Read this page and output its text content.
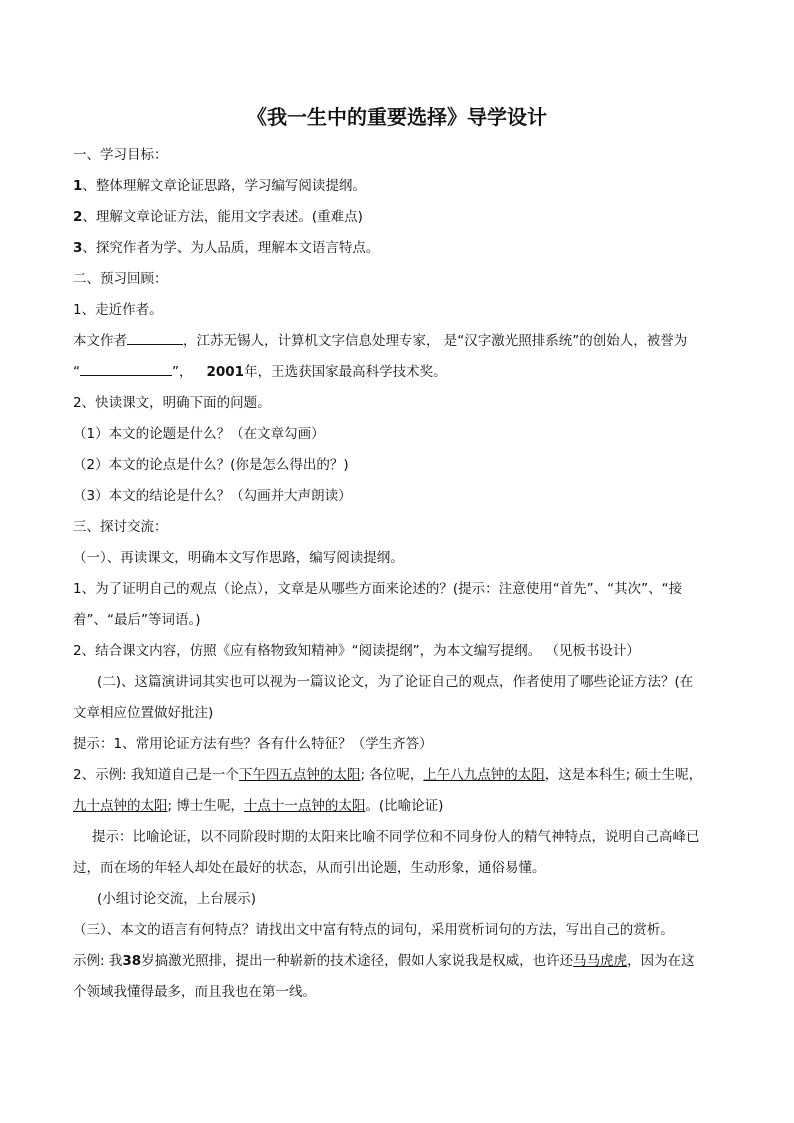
《我一生中的重要选择》导学设计
一、学习目标：
1、整体理解文章论证思路，学习编写阅读提纲。
2、理解文章论证方法，能用文字表述。(重难点)
3、探究作者为学、为人品质，理解本文语言特点。
二、预习回顾：
1、走近作者。
本文作者	，江苏无锡人，计算机文字信息处理专家， 是“汉字激光照排系统”的创始人，被誉为
“	”， 2001年，王选获国家最高科学技术奖。
2、快读课文，明确下面的问题。
（1）本文的论题是什么？（在文章勾画）
（2）本文的论点是什么？(你是怎么得出的？)
（3）本文的结论是什么？（勾画并大声朗读）
三、探讨交流：
（一）、再读课文，明确本文写作思路，编写阅读提纲。
1、为了证明自己的观点（论点），文章是从哪些方面来论述的？(提示：注意使用“首先”、“其次”、“接
着”、“最后”等词语。)
2、结合课文内容，仿照《应有格物致知精神》“阅读提纲”，为本文编写提纲。 （见板书设计）
(二)、这篇演讲词其实也可以视为一篇议论文，为了论证自己的观点，作者使用了哪些论证方法？(在
文章相应位置做好批注)
提示：1、常用论证方法有些？各有什么特征？（学生齐答）
2、示例: 我知道自己是一个下午四五点钟的太阳; 各位呢，上午八九点钟的太阳，这是本科生; 硕士生呢，
九十点钟的太阳; 博士生呢，十点十一点钟的太阳。(比喻论证)
提示：比喻论证，以不同阶段时期的太阳来比喻不同学位和不同身份人的精气神特点，说明自己高峰已
过，而在场的年轻人却处在最好的状态，从而引出论题，生动形象，通俗易懂。
(小组讨论交流，上台展示)
（三）、本文的语言有何特点？请找出文中富有特点的词句，采用赏析词句的方法，写出自己的赏析。
示例: 我38岁搞激光照排，提出一种崭新的技术途径，假如人家说我是权威，也许还马马虎虎，因为在这
个领域我懂得最多，而且我也在第一线。
